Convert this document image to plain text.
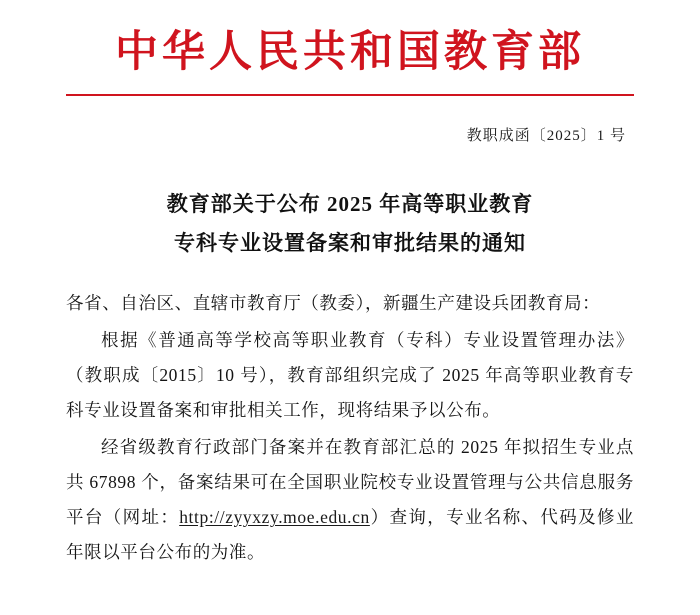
中华人民共和国教育部
教职成函〔2025〕1 号
教育部关于公布 2025 年高等职业教育
专科专业设置备案和审批结果的通知

各省、自治区、直辖市教育厅（教委），新疆生产建设兵团教育局：

根据《普通高等学校高等职业教育（专科）专业设置管理办法》（教职成〔2015〕10 号），教育部组织完成了 2025 年高等职业教育专科专业设置备案和审批相关工作，现将结果予以公布。

经省级教育行政部门备案并在教育部汇总的 2025 年拟招生专业点共 67898 个，备案结果可在全国职业院校专业设置管理与公共信息服务平台（网址：http://zyyxzy.moe.edu.cn）查询，专业名称、代码及修业年限以平台公布的为准。
